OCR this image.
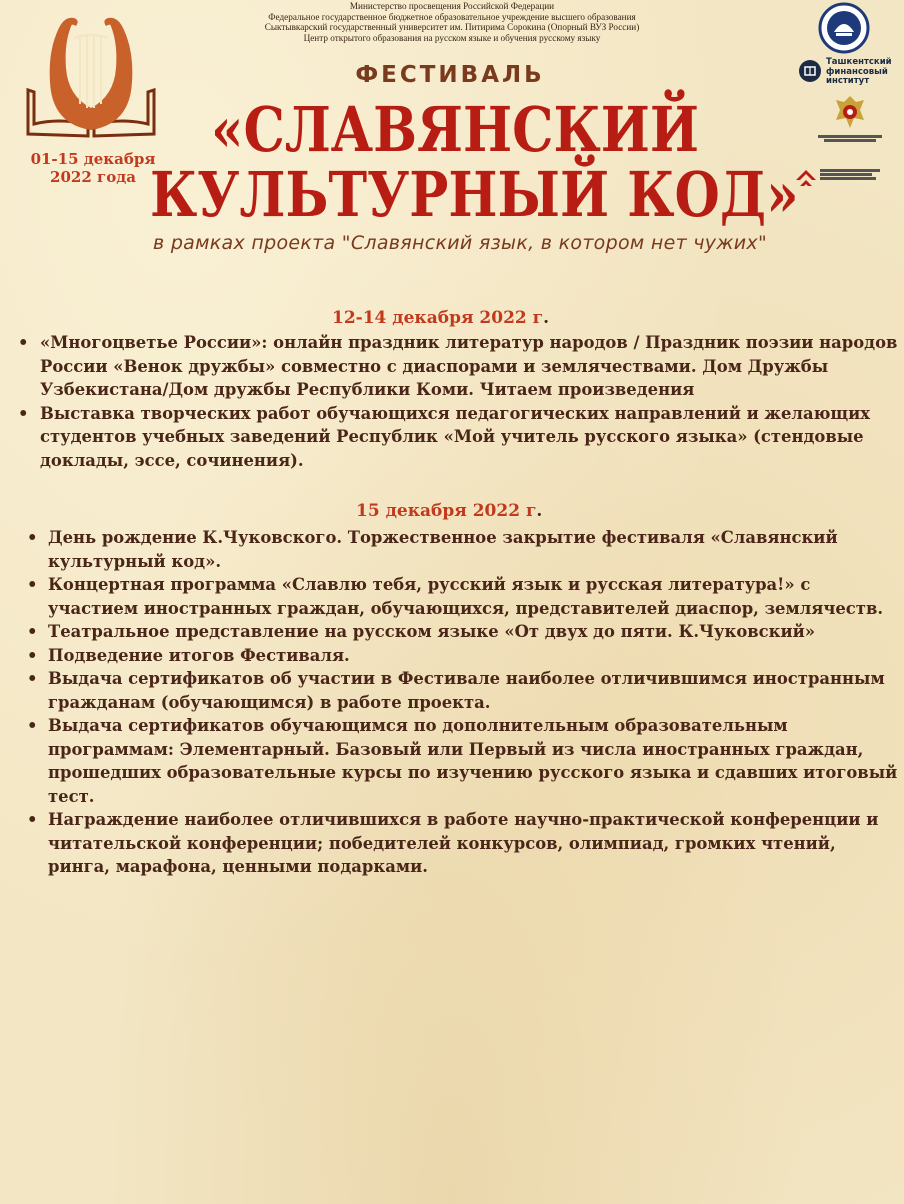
Министерство просвещения Российской Федерации
Федеральное государственное бюджетное образовательное учреждение высшего образования
Сыктывкарский государственный университет им. Питирима Сорокина (Опорный ВУЗ России)
Центр открытого образования на русском языке и обучения русскому языку
01-15 декабря
2022 года
ФЕСТИВАЛЬ
«СЛАВЯНСКИЙ
КУЛЬТУРНЫЙ КОД»
в рамках проекта "Славянский язык, в котором нет чужих"
Ташкентский
финансовый
институт
12-14 декабря 2022 г.
• «Многоцветье России»: онлайн праздник литератур народов / Праздник поэзии народов России «Венок дружбы» совместно с диаспорами и землячествами. Дом Дружбы Узбекистана/Дом дружбы Республики Коми. Читаем произведения
• Выставка творческих работ обучающихся педагогических направлений и желающих студентов учебных заведений Республик «Мой учитель русского языка» (стендовые доклады, эссе, сочинения).
15 декабря 2022 г.
• День рождение К.Чуковского. Торжественное закрытие фестиваля «Славянский культурный код».
• Концертная программа «Славлю тебя, русский язык и русская литература!» с участием иностранных граждан, обучающихся, представителей диаспор, землячеств.
• Театральное представление на русском языке «От двух до пяти. К.Чуковский»
• Подведение итогов Фестиваля.
• Выдача сертификатов об участии в Фестивале наиболее отличившимся иностранным гражданам (обучающимся) в работе проекта.
• Выдача сертификатов обучающимся по дополнительным образовательным программам: Элементарный. Базовый или Первый из числа иностранных граждан, прошедших образовательные курсы по изучению русского языка и сдавших итоговый тест.
• Награждение наиболее отличившихся в работе научно-практической конференции и читательской конференции; победителей конкурсов, олимпиад, громких чтений, ринга, марафона, ценными подарками.
